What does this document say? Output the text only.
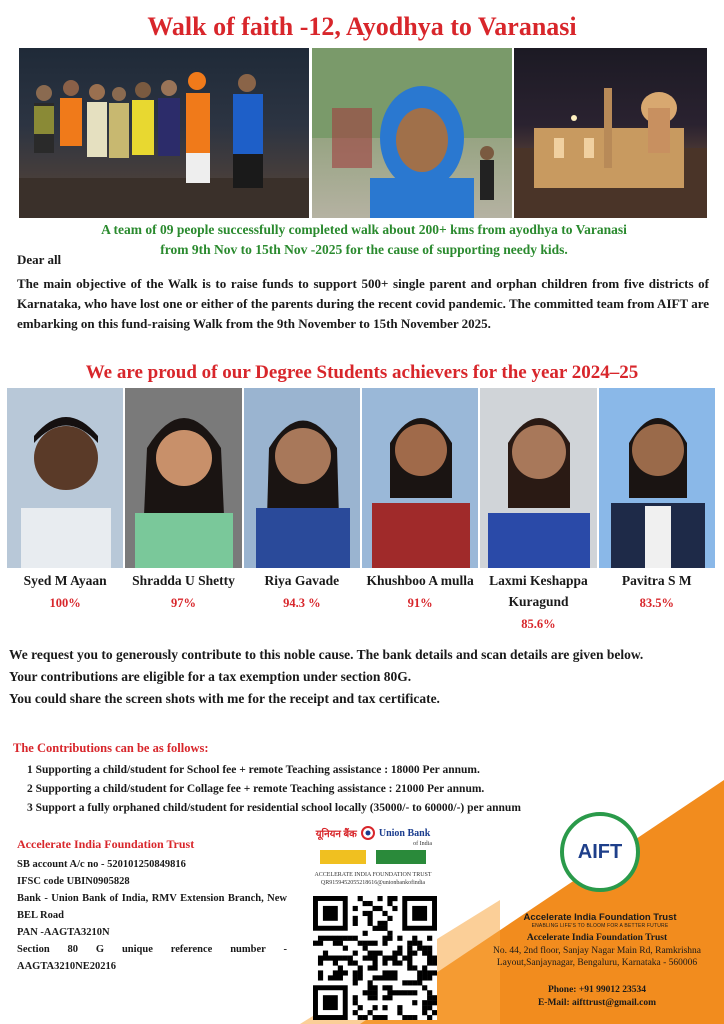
Walk of faith -12, Ayodhya to Varanasi
A team of 09 people successfully completed walk about 200+ kms from ayodhya to Varanasi
from 9th Nov to 15th Nov -2025 for the cause of supporting needy kids.
Dear all
The main objective of the Walk is to raise funds to support 500+ single parent and orphan children from five districts of Karnataka, who have lost one or either of the parents during the recent covid pandemic. The committed team from AIFT are embarking on this fund-raising Walk from the 9th November to 15th November 2025.
We are proud of our Degree Students achievers for the year 2024–25
Syed M Ayaan
100%
Shradda U Shetty
97%
Riya Gavade
94.3 %
Khushboo A mulla
91%
Laxmi Keshappa Kuragund
85.6%
Pavitra S M
83.5%
We request you to generously contribute to this noble cause. The bank details and scan details are given below.
Your contributions are eligible for a tax exemption under section 80G.
You could share the screen shots with me for the receipt and tax certificate.
The Contributions can be as follows:
1 Supporting a child/student for School fee + remote Teaching assistance : 18000 Per annum.
2 Supporting a child/student for Collage fee + remote Teaching assistance : 21000 Per annum.
3 Support a fully orphaned child/student for residential school locally (35000/- to 60000/-) per annum
Accelerate India Foundation Trust
SB account A/c no - 520101250849816
IFSC code UBIN0905828
Bank - Union Bank of India, RMV Extension Branch, New BEL Road
PAN -AAGTA3210N
Section 80 G unique reference number - AAGTA3210NE20216
यूनियन बैंक Union Bank
of India
ACCELERATE INDIA FOUNDATION TRUST
QR9159452055218616@unionbankofindia
AIFT
Accelerate India Foundation Trust
ENABLING LIFE'S TO BLOOM FOR A BETTER FUTURE
Accelerate India Foundation Trust
No. 44, 2nd floor, Sanjay Nagar Main Rd, Ramkrishna Layout,Sanjaynagar, Bengaluru, Karnataka - 560006
Phone: +91 99012 23534
E-Mail: aifttrust@gmail.com
